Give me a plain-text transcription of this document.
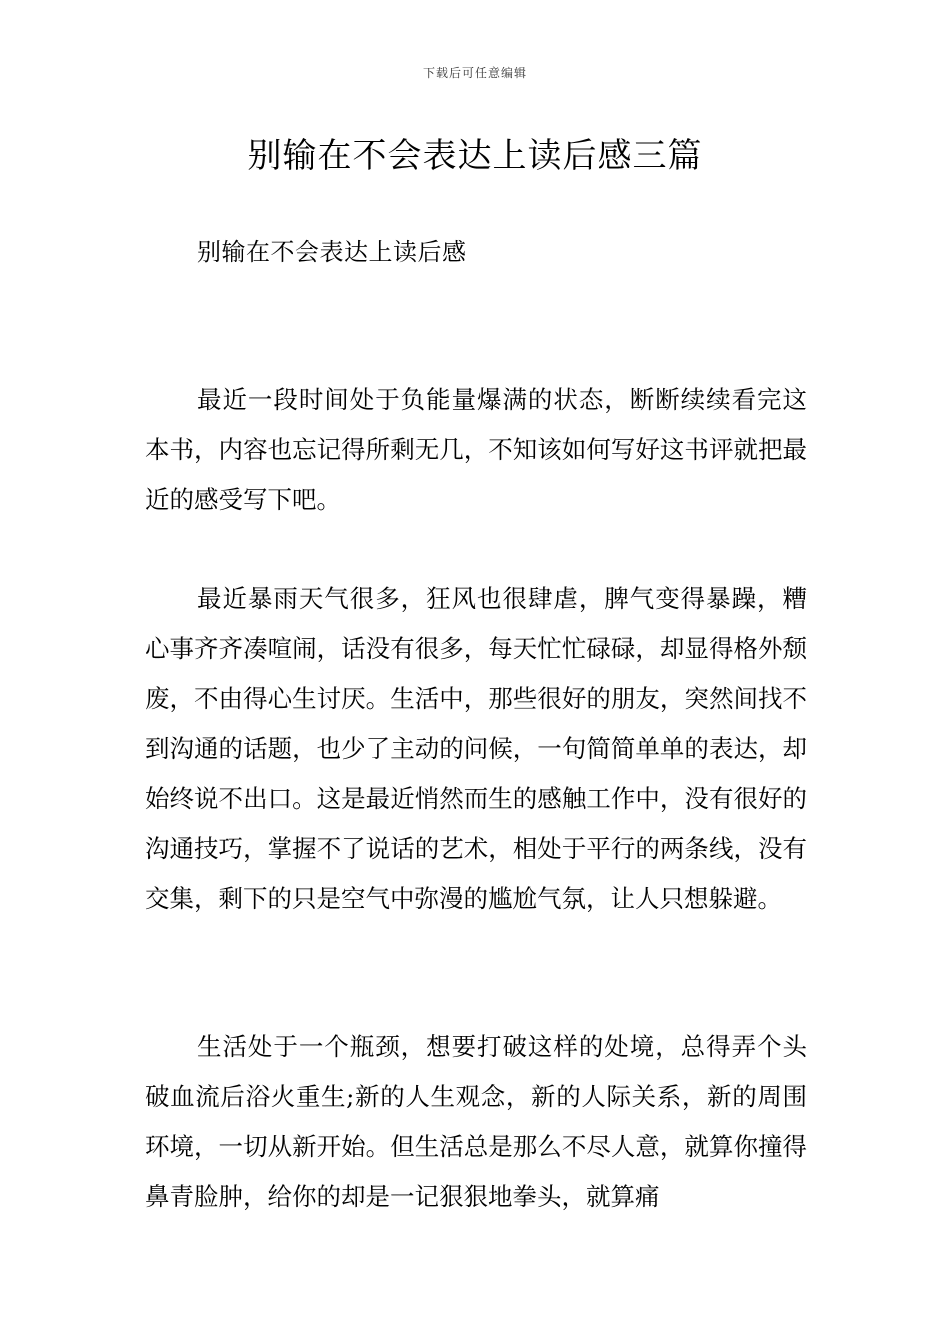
下载后可任意编辑
别输在不会表达上读后感三篇
别输在不会表达上读后感

最近一段时间处于负能量爆满的状态，断断续续看完这本书，内容也忘记得所剩无几，不知该如何写好这书评就把最近的感受写下吧。

最近暴雨天气很多，狂风也很肆虐，脾气变得暴躁，糟心事齐齐凑喧闹，话没有很多，每天忙忙碌碌，却显得格外颓废，不由得心生讨厌。生活中，那些很好的朋友，突然间找不到沟通的话题，也少了主动的问候，一句简简单单的表达，却始终说不出口。这是最近悄然而生的感触工作中，没有很好的沟通技巧，掌握不了说话的艺术，相处于平行的两条线，没有交集，剩下的只是空气中弥漫的尴尬气氛，让人只想躲避。

生活处于一个瓶颈，想要打破这样的处境，总得弄个头破血流后浴火重生;新的人生观念，新的人际关系，新的周围环境，一切从新开始。但生活总是那么不尽人意，就算你撞得鼻青脸肿，给你的却是一记狠狠地拳头，就算痛
